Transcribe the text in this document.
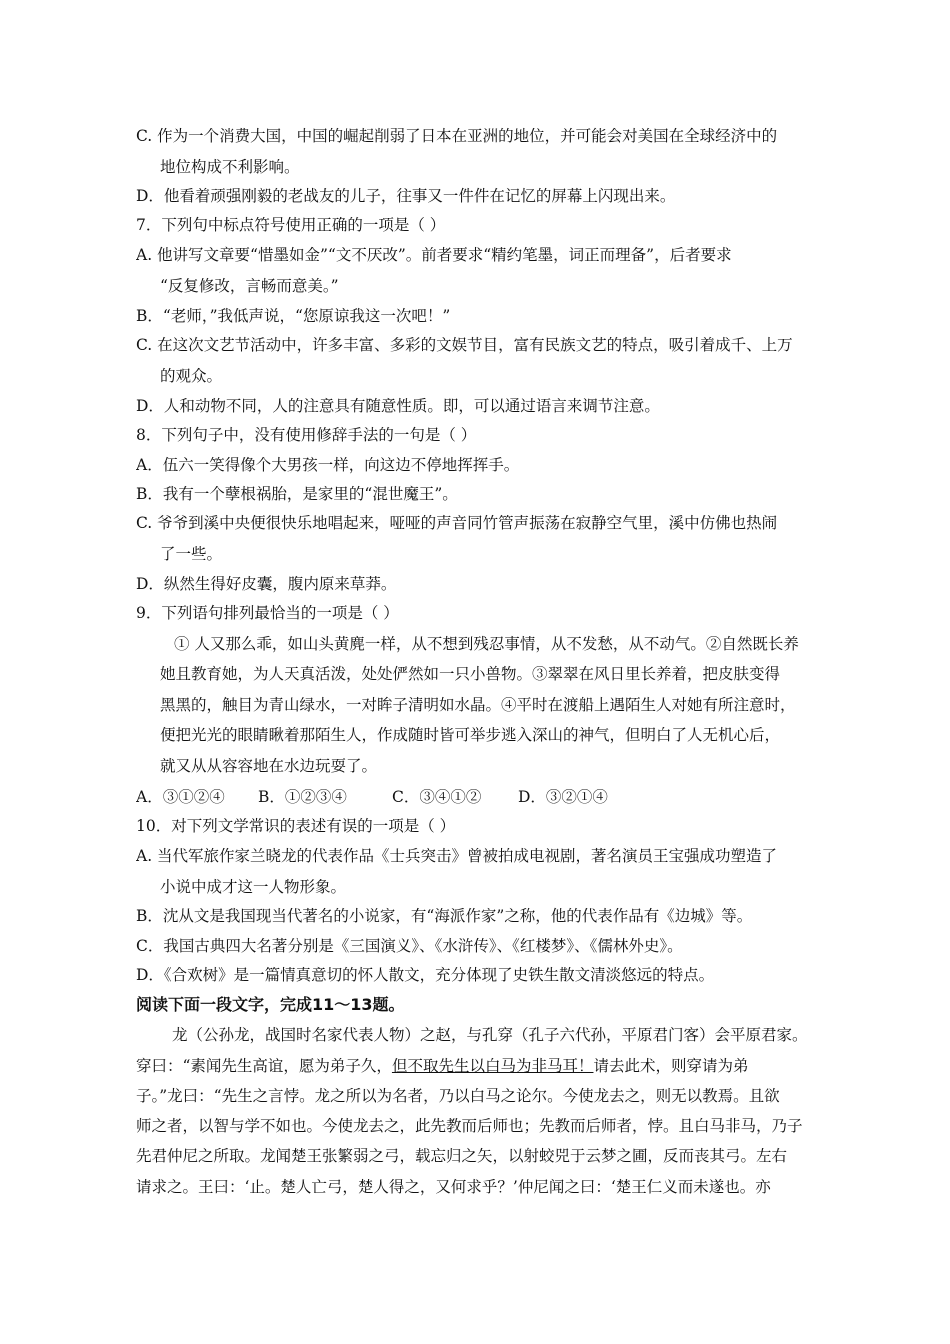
C. 作为一个消费大国，中国的崛起削弱了日本在亚洲的地位，并可能会对美国在全球经济中的
地位构成不利影响。
D．他看着顽强刚毅的老战友的儿子，往事又一件件在记忆的屏幕上闪现出来。
7．下列句中标点符号使用正确的一项是（ ）
A. 他讲写文章要“惜墨如金”“文不厌改”。前者要求“精约笔墨，词正而理备”，后者要求
“反复修改，言畅而意美。”
B．“老师，”我低声说，“您原谅我这一次吧！”
C. 在这次文艺节活动中，许多丰富、多彩的文娱节目，富有民族文艺的特点，吸引着成千、上万
的观众。
D．人和动物不同，人的注意具有随意性质。即，可以通过语言来调节注意。
8．下列句子中，没有使用修辞手法的一句是（ ）
A．伍六一笑得像个大男孩一样，向这边不停地挥挥手。
B．我有一个孽根祸胎，是家里的“混世魔王”。
C. 爷爷到溪中央便很快乐地唱起来，哑哑的声音同竹管声振荡在寂静空气里，溪中仿佛也热闹
了一些。
D．纵然生得好皮囊，腹内原来草莽。
9．下列语句排列最恰当的一项是（ ）
① 人又那么乖，如山头黄麂一样，从不想到残忍事情，从不发愁，从不动气。②自然既长养
她且教育她，为人天真活泼，处处俨然如一只小兽物。③翠翠在风日里长养着，把皮肤变得
黑黑的，触目为青山绿水，一对眸子清明如水晶。④平时在渡船上遇陌生人对她有所注意时，
便把光光的眼睛瞅着那陌生人，作成随时皆可举步逃入深山的神气，但明白了人无机心后，
就又从从容容地在水边玩耍了。
A．③①②④ B．①②③④	C．③④①② D．③②①④
10．对下列文学常识的表述有误的一项是（ ）
A. 当代军旅作家兰晓龙的代表作品《士兵突击》曾被拍成电视剧，著名演员王宝强成功塑造了
小说中成才这一人物形象。
B．沈从文是我国现当代著名的小说家，有“海派作家”之称，他的代表作品有《边城》等。
C．我国古典四大名著分别是《三国演义》、《水浒传》、《红楼梦》、《儒林外史》。
D．《合欢树》是一篇情真意切的怀人散文，充分体现了史铁生散文清淡悠远的特点。
阅读下面一段文字，完成11～13题。
龙（公孙龙，战国时名家代表人物）之赵，与孔穿（孔子六代孙，平原君门客）会平原君家。
穿曰：“素闻先生高谊，愿为弟子久，但不取先生以白马为非马耳！请去此术，则穿请为弟
子。”龙曰：“先生之言悖。龙之所以为名者，乃以白马之论尔。今使龙去之，则无以教焉。且欲
师之者，以智与学不如也。今使龙去之，此先教而后师也；先教而后师者，悖。且白马非马，乃子
先君仲尼之所取。龙闻楚王张繁弱之弓，载忘归之矢，以射蛟兕于云梦之圃，反而丧其弓。左右
请求之。王曰：‘止。楚人亡弓，楚人得之，又何求乎？’仲尼闻之曰：‘楚王仁义而未遂也。亦
